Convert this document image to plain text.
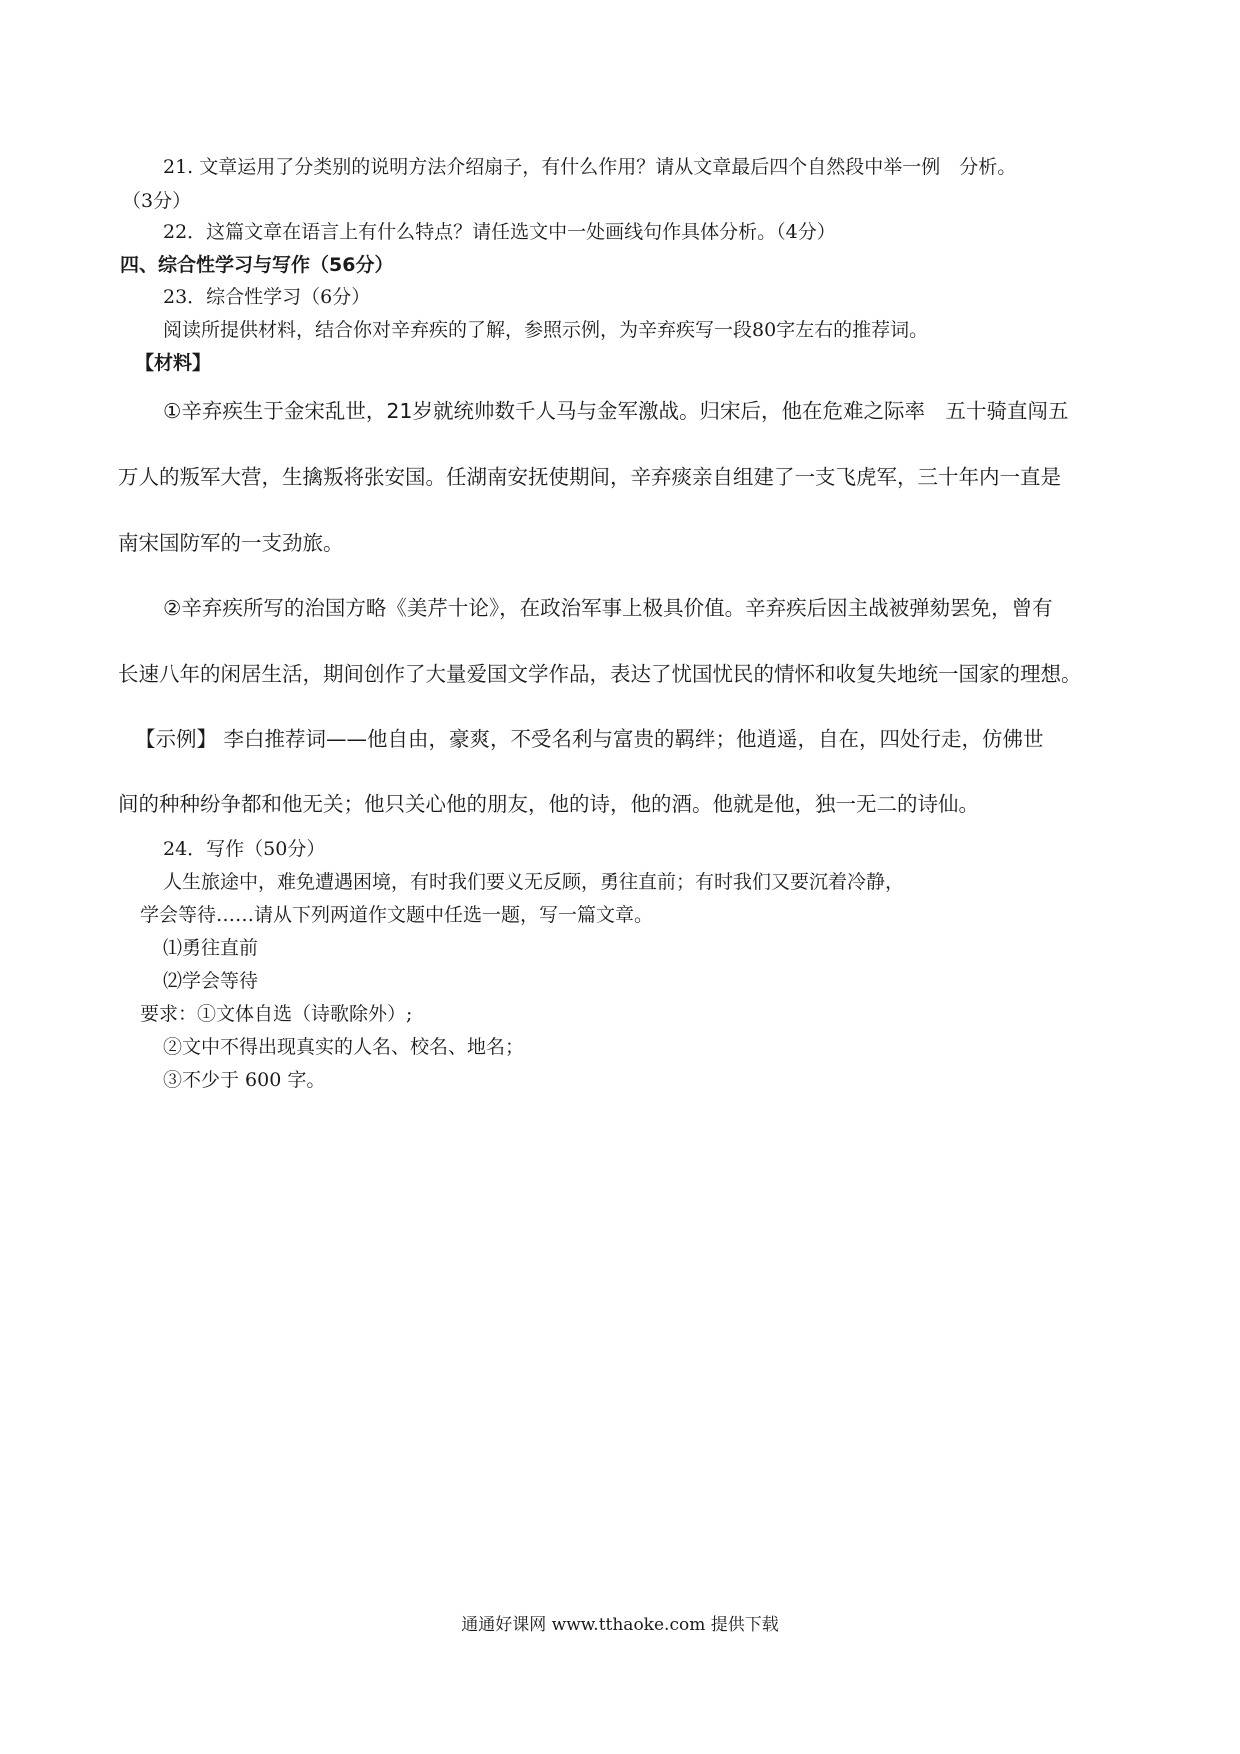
21. 文章运用了分类别的说明方法介绍扇子，有什么作用？请从文章最后四个自然段中举一例　分析。
（3分）
22．这篇文章在语言上有什么特点？请任选文中一处画线句作具体分析。（4分）
四、综合性学习与写作（56分）
23．综合性学习（6分）
阅读所提供材料，结合你对辛弃疾的了解，参照示例，为辛弃疾写一段80字左右的推荐词。
【材料】
①辛弃疾生于金宋乱世，21岁就统帅数千人马与金军激战。归宋后，他在危难之际率　五十骑直闯五
万人的叛军大营，生擒叛将张安国。任湖南安抚使期间，辛弃痰亲自组建了一支飞虎军，三十年内一直是
南宋国防军的一支劲旅。
②辛弃疾所写的治国方略《美芹十论》，在政治军事上极具价值。辛弃疾后因主战被弹劾罢免，曾有
长速八年的闲居生活，期间创作了大量爱国文学作品，表达了忧国忧民的情怀和收复失地统一国家的理想。
【示例】 李白推荐词——他自由，豪爽，不受名利与富贵的羁绊；他逍遥，自在，四处行走，仿佛世
间的种种纷争都和他无关；他只关心他的朋友，他的诗，他的酒。他就是他，独一无二的诗仙。
24．写作（50分）
人生旅途中，难免遭遇困境，有时我们要义无反顾，勇往直前；有时我们又要沉着冷静，
学会等待……请从下列两道作文题中任选一题，写一篇文章。
⑴勇往直前
⑵学会等待
要求：①文体自选（诗歌除外）;
②文中不得出现真实的人名、校名、地名；
③不少于 600 字。
通通好课网 www.tthaoke.com 提供下载
